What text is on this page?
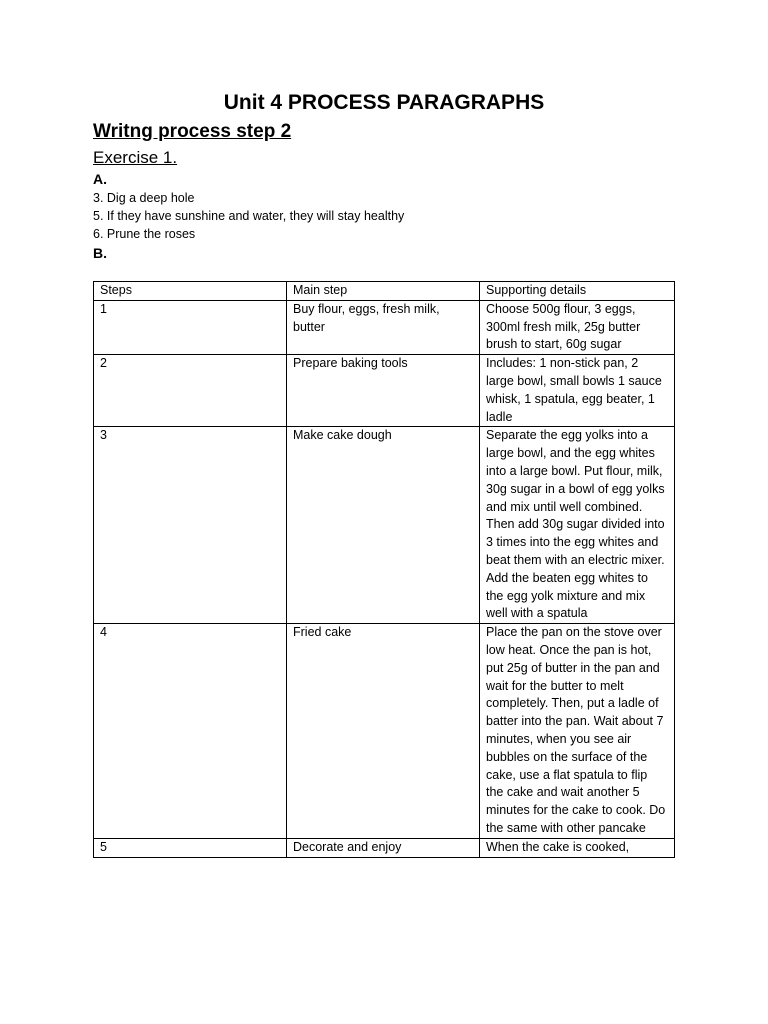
Unit 4 PROCESS PARAGRAPHS
Writng process step 2
Exercise 1.
A.
3. Dig a deep hole
5. If they have sunshine and water, they will stay healthy
6. Prune the roses
B.
Steps	Main step	Supporting details
1	Buy flour, eggs, fresh milk, butter	Choose 500g flour, 3 eggs, 300ml fresh milk, 25g butter brush to start, 60g sugar
2	Prepare baking tools	Includes: 1 non-stick pan, 2 large bowl, small bowls 1 sauce whisk, 1 spatula, egg beater, 1 ladle
3	Make cake dough	Separate the egg yolks into a large bowl, and the egg whites into a large bowl. Put flour, milk, 30g sugar in a bowl of egg yolks and mix until well combined. Then add 30g sugar divided into 3 times into the egg whites and beat them with an electric mixer. Add the beaten egg whites to the egg yolk mixture and mix well with a spatula
4	Fried cake	Place the pan on the stove over low heat. Once the pan is hot, put 25g of butter in the pan and wait for the butter to melt completely. Then, put a ladle of batter into the pan. Wait about 7 minutes, when you see air bubbles on the surface of the cake, use a flat spatula to flip the cake and wait another 5 minutes for the cake to cook. Do the same with other pancake
5	Decorate and enjoy	When the cake is cooked,
